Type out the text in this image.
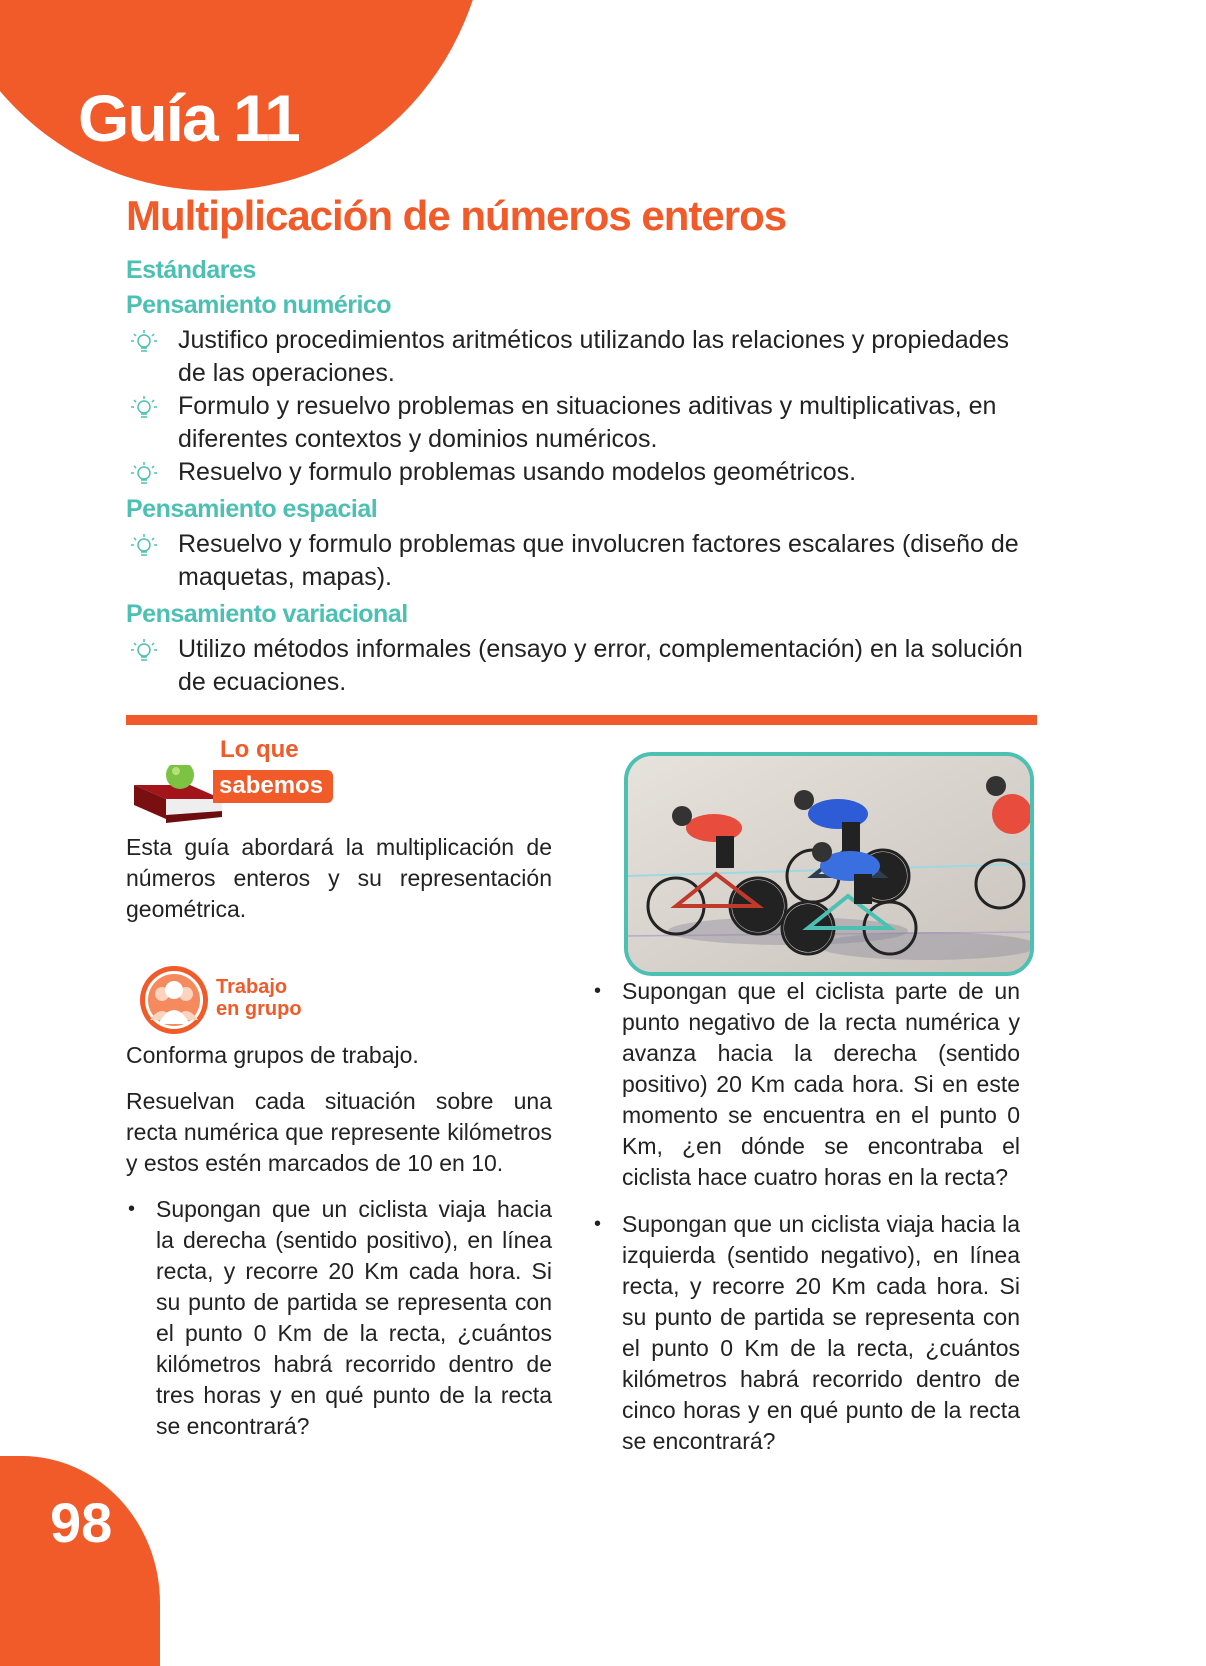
Guía 11
Multiplicación de números enteros
Estándares
Pensamiento numérico
Justifico procedimientos aritméticos utilizando las relaciones y propiedades de las operaciones.
Formulo y resuelvo problemas en situaciones aditivas y multiplicativas, en diferentes contextos y dominios numéricos.
Resuelvo y formulo problemas usando modelos geométricos.
Pensamiento espacial
Resuelvo y formulo problemas que involucren factores escalares (diseño de maquetas, mapas).
Pensamiento variacional
Utilizo métodos informales (ensayo y error, complementación) en la solución de ecuaciones.
Lo que
sabemos
Esta guía abordará la multiplicación de números enteros y su representación geométrica.
Trabajo
en grupo
Conforma grupos de trabajo.
Resuelvan cada situación sobre una recta numérica que represente kilómetros y estos estén marcados de 10 en 10.
• Supongan que un ciclista viaja hacia la derecha (sentido positivo), en línea recta, y recorre 20 Km cada hora. Si su punto de partida se representa con el punto 0 Km de la recta, ¿cuántos kilómetros habrá recorrido dentro de tres horas y en qué punto de la recta se encontrará?
• Supongan que el ciclista parte de un punto negativo de la recta numérica y avanza hacia la derecha (sentido positivo) 20 Km cada hora. Si en este momento se encuentra en el punto 0 Km, ¿en dónde se encontraba el ciclista hace cuatro horas en la recta?
• Supongan que un ciclista viaja hacia la izquierda (sentido negativo), en línea recta, y recorre 20 Km cada hora. Si su punto de partida se representa con el punto 0 Km de la recta, ¿cuántos kilómetros habrá recorrido dentro de cinco horas y en qué punto de la recta se encontrará?
98
